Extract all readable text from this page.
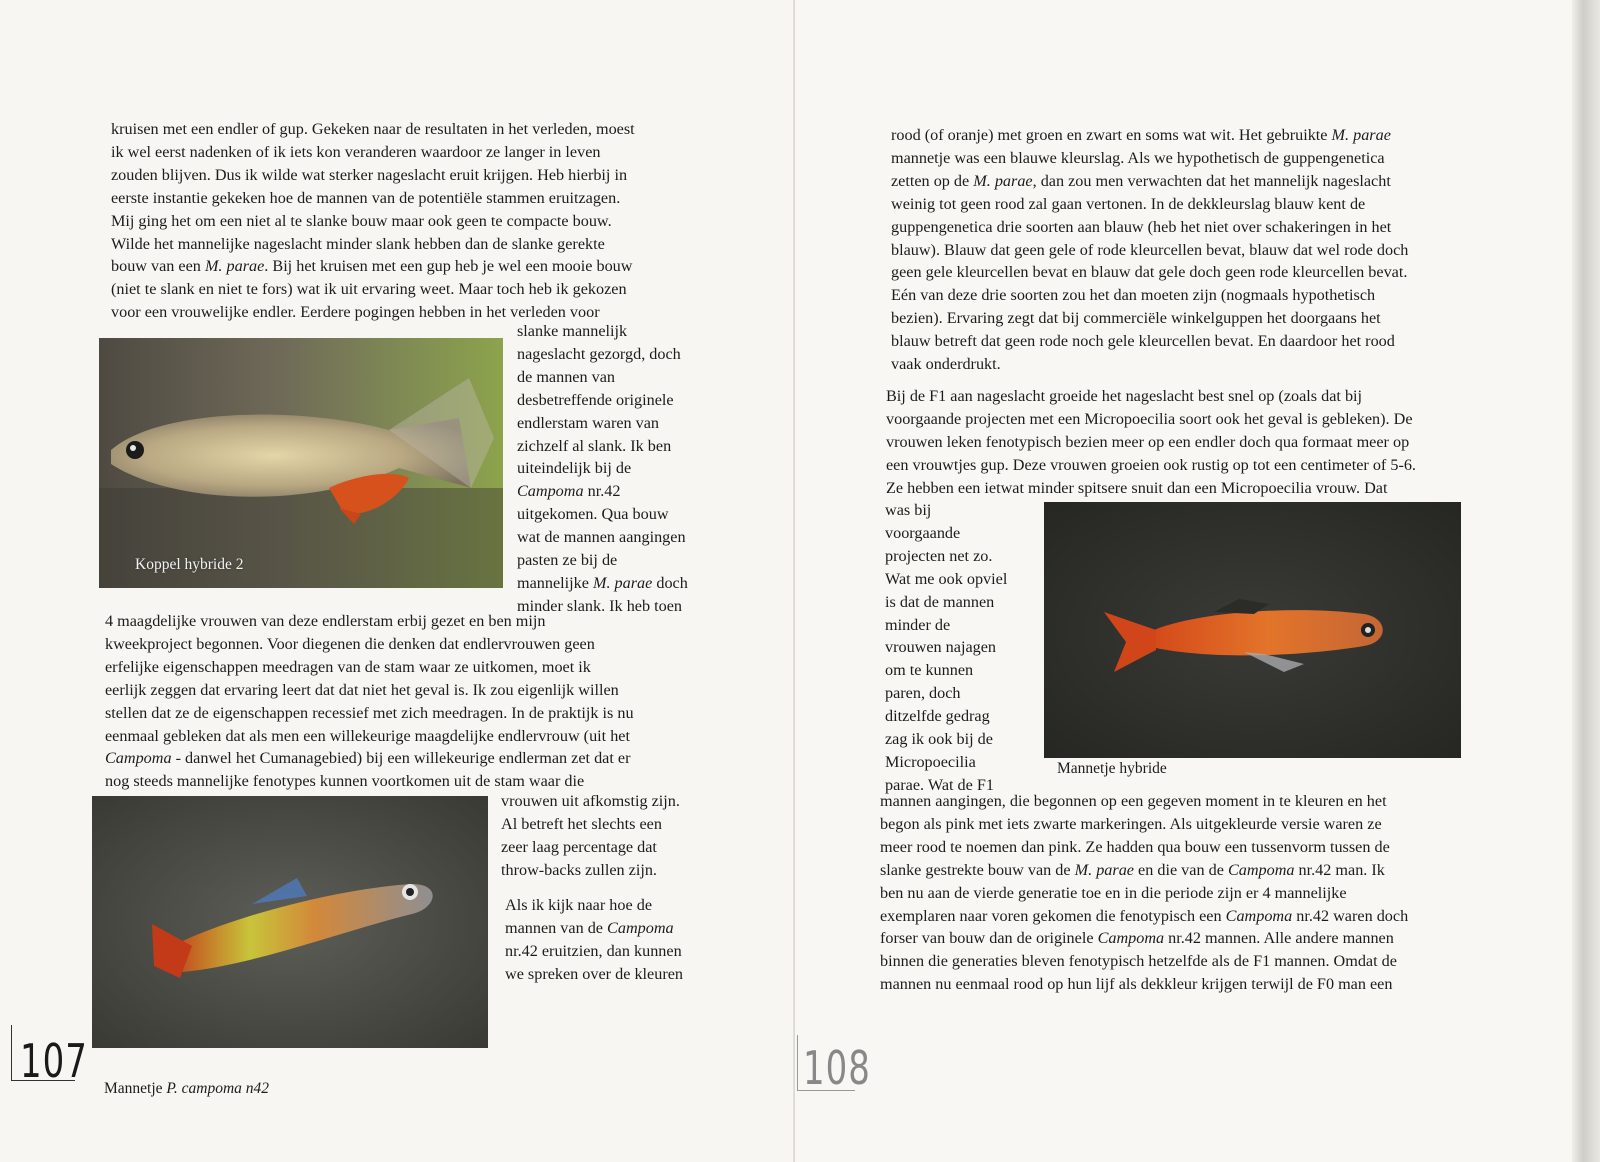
kruisen met een endler of gup. Gekeken naar de resultaten in het verleden, moest

ik wel eerst nadenken of ik iets kon veranderen waardoor ze langer in leven

zouden blijven. Dus ik wilde wat sterker nageslacht eruit krijgen. Heb hierbij in

eerste instantie gekeken hoe de mannen van de potentiële stammen eruitzagen.

Mij ging het om een niet al te slanke bouw maar ook geen te compacte bouw.

Wilde het mannelijke nageslacht minder slank hebben dan de slanke gerekte

bouw van een M. parae. Bij het kruisen met een gup heb je wel een mooie bouw

(niet te slank en niet te fors) wat ik uit ervaring weet. Maar toch heb ik gekozen

voor een vrouwelijke endler. Eerdere pogingen hebben in het verleden voor

Koppel hybride 2

slanke mannelijk

nageslacht gezorgd, doch

de mannen van

desbetreffende originele

endlerstam waren van

zichzelf al slank. Ik ben

uiteindelijk bij de

Campoma nr.42

uitgekomen. Qua bouw

wat de mannen aangingen

pasten ze bij de

mannelijke M. parae doch

minder slank. Ik heb toen

4 maagdelijke vrouwen van deze endlerstam erbij gezet en ben mijn

kweekproject begonnen. Voor diegenen die denken dat endlervrouwen geen

erfelijke eigenschappen meedragen van de stam waar ze uitkomen, moet ik

eerlijk zeggen dat ervaring leert dat dat niet het geval is. Ik zou eigenlijk willen

stellen dat ze de eigenschappen recessief met zich meedragen. In de praktijk is nu

eenmaal gebleken dat als men een willekeurige maagdelijke endlervrouw (uit het

Campoma - danwel het Cumanagebied) bij een willekeurige endlerman zet dat er

nog steeds mannelijke fenotypes kunnen voortkomen uit de stam waar die

vrouwen uit afkomstig zijn.

Al betreft het slechts een

zeer laag percentage dat

throw-backs zullen zijn.

Als ik kijk naar hoe de

mannen van de Campoma

nr.42 eruitzien, dan kunnen

we spreken over de kleuren

Mannetje P. campoma n42

107

rood (of oranje) met groen en zwart en soms wat wit. Het gebruikte M. parae

mannetje was een blauwe kleurslag. Als we hypothetisch de guppengenetica

zetten op de M. parae, dan zou men verwachten dat het mannelijk nageslacht

weinig tot geen rood zal gaan vertonen. In de dekkleurslag blauw kent de

guppengenetica drie soorten aan blauw (heb het niet over schakeringen in het

blauw). Blauw dat geen gele of rode kleurcellen bevat, blauw dat wel rode doch

geen gele kleurcellen bevat en blauw dat gele doch geen rode kleurcellen bevat.

Eén van deze drie soorten zou het dan moeten zijn (nogmaals hypothetisch

bezien). Ervaring zegt dat bij commerciële winkelguppen het doorgaans het

blauw betreft dat geen rode noch gele kleurcellen bevat. En daardoor het rood

vaak onderdrukt.

Bij de F1 aan nageslacht groeide het nageslacht best snel op (zoals dat bij

voorgaande projecten met een Micropoecilia soort ook het geval is gebleken). De

vrouwen leken fenotypisch bezien meer op een endler doch qua formaat meer op

een vrouwtjes gup. Deze vrouwen groeien ook rustig op tot een centimeter of 5-6.

Ze hebben een ietwat minder spitsere snuit dan een Micropoecilia vrouw. Dat

was bij

voorgaande

projecten net zo.

Wat me ook opviel

is dat de mannen

minder de

vrouwen najagen

om te kunnen

paren, doch

ditzelfde gedrag

zag ik ook bij de

Micropoecilia

parae. Wat de F1

Mannetje hybride

mannen aangingen, die begonnen op een gegeven moment in te kleuren en het

begon als pink met iets zwarte markeringen. Als uitgekleurde versie waren ze

meer rood te noemen dan pink. Ze hadden qua bouw een tussenvorm tussen de

slanke gestrekte bouw van de M. parae en die van de Campoma nr.42 man. Ik

ben nu aan de vierde generatie toe en in die periode zijn er 4 mannelijke

exemplaren naar voren gekomen die fenotypisch een Campoma nr.42 waren doch

forser van bouw dan de originele Campoma nr.42 mannen. Alle andere mannen

binnen die generaties bleven fenotypisch hetzelfde als de F1 mannen. Omdat de

mannen nu eenmaal rood op hun lijf als dekkleur krijgen terwijl de F0 man een

108
